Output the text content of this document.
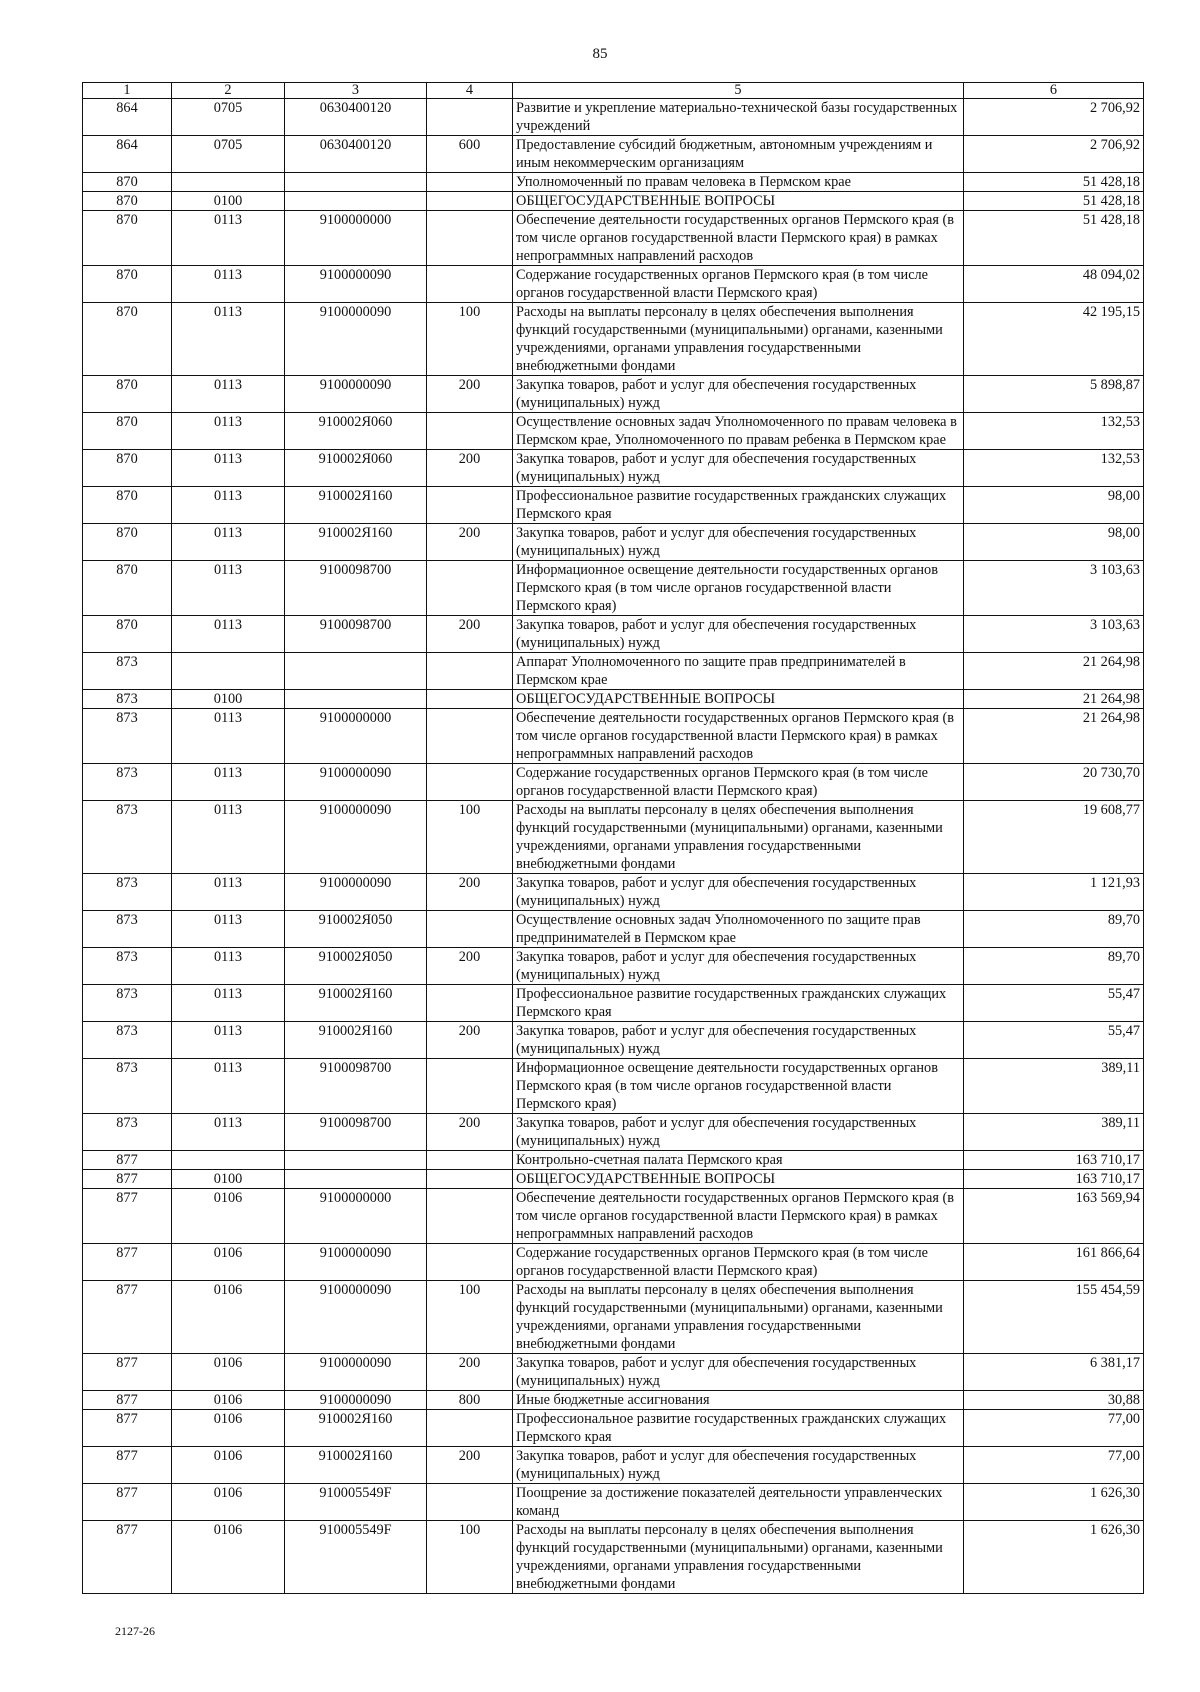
85
1	2	3	4	5	6
864	0705	0630400120		Развитие и укрепление материально-технической базы государственных учреждений	2 706,92
864	0705	0630400120	600	Предоставление субсидий бюджетным, автономным учреждениям и иным некоммерческим организациям	2 706,92
870				Уполномоченный по правам человека в Пермском крае	51 428,18
870	0100			ОБЩЕГОСУДАРСТВЕННЫЕ ВОПРОСЫ	51 428,18
870	0113	9100000000		Обеспечение деятельности государственных органов Пермского края (в том числе органов государственной власти Пермского края) в рамках непрограммных направлений расходов	51 428,18
870	0113	9100000090		Содержание государственных органов Пермского края (в том числе органов государственной власти Пермского края)	48 094,02
870	0113	9100000090	100	Расходы на выплаты персоналу в целях обеспечения выполнения функций государственными (муниципальными) органами, казенными учреждениями, органами управления государственными внебюджетными фондами	42 195,15
870	0113	9100000090	200	Закупка товаров, работ и услуг для обеспечения государственных (муниципальных) нужд	5 898,87
870	0113	910002Я060		Осуществление основных задач Уполномоченного по правам человека в Пермском крае, Уполномоченного по правам ребенка в Пермском крае	132,53
870	0113	910002Я060	200	Закупка товаров, работ и услуг для обеспечения государственных (муниципальных) нужд	132,53
870	0113	910002Я160		Профессиональное развитие государственных гражданских служащих Пермского края	98,00
870	0113	910002Я160	200	Закупка товаров, работ и услуг для обеспечения государственных (муниципальных) нужд	98,00
870	0113	9100098700		Информационное освещение деятельности государственных органов Пермского края (в том числе органов государственной власти Пермского края)	3 103,63
870	0113	9100098700	200	Закупка товаров, работ и услуг для обеспечения государственных (муниципальных) нужд	3 103,63
873				Аппарат Уполномоченного по защите прав предпринимателей в Пермском крае	21 264,98
873	0100			ОБЩЕГОСУДАРСТВЕННЫЕ ВОПРОСЫ	21 264,98
873	0113	9100000000		Обеспечение деятельности государственных органов Пермского края (в том числе органов государственной власти Пермского края) в рамках непрограммных направлений расходов	21 264,98
873	0113	9100000090		Содержание государственных органов Пермского края (в том числе органов государственной власти Пермского края)	20 730,70
873	0113	9100000090	100	Расходы на выплаты персоналу в целях обеспечения выполнения функций государственными (муниципальными) органами, казенными учреждениями, органами управления государственными внебюджетными фондами	19 608,77
873	0113	9100000090	200	Закупка товаров, работ и услуг для обеспечения государственных (муниципальных) нужд	1 121,93
873	0113	910002Я050		Осуществление основных задач Уполномоченного по защите прав предпринимателей в Пермском крае	89,70
873	0113	910002Я050	200	Закупка товаров, работ и услуг для обеспечения государственных (муниципальных) нужд	89,70
873	0113	910002Я160		Профессиональное развитие государственных гражданских служащих Пермского края	55,47
873	0113	910002Я160	200	Закупка товаров, работ и услуг для обеспечения государственных (муниципальных) нужд	55,47
873	0113	9100098700		Информационное освещение деятельности государственных органов Пермского края (в том числе органов государственной власти Пермского края)	389,11
873	0113	9100098700	200	Закупка товаров, работ и услуг для обеспечения государственных (муниципальных) нужд	389,11
877				Контрольно-счетная палата Пермского края	163 710,17
877	0100			ОБЩЕГОСУДАРСТВЕННЫЕ ВОПРОСЫ	163 710,17
877	0106	9100000000		Обеспечение деятельности государственных органов Пермского края (в том числе органов государственной власти Пермского края) в рамках непрограммных направлений расходов	163 569,94
877	0106	9100000090		Содержание государственных органов Пермского края (в том числе органов государственной власти Пермского края)	161 866,64
877	0106	9100000090	100	Расходы на выплаты персоналу в целях обеспечения выполнения функций государственными (муниципальными) органами, казенными учреждениями, органами управления государственными внебюджетными фондами	155 454,59
877	0106	9100000090	200	Закупка товаров, работ и услуг для обеспечения государственных (муниципальных) нужд	6 381,17
877	0106	9100000090	800	Иные бюджетные ассигнования	30,88
877	0106	910002Я160		Профессиональное развитие государственных гражданских служащих Пермского края	77,00
877	0106	910002Я160	200	Закупка товаров, работ и услуг для обеспечения государственных (муниципальных) нужд	77,00
877	0106	910005549F		Поощрение за достижение показателей деятельности управленческих команд	1 626,30
877	0106	910005549F	100	Расходы на выплаты персоналу в целях обеспечения выполнения функций государственными (муниципальными) органами, казенными учреждениями, органами управления государственными внебюджетными фондами	1 626,30
2127-26
